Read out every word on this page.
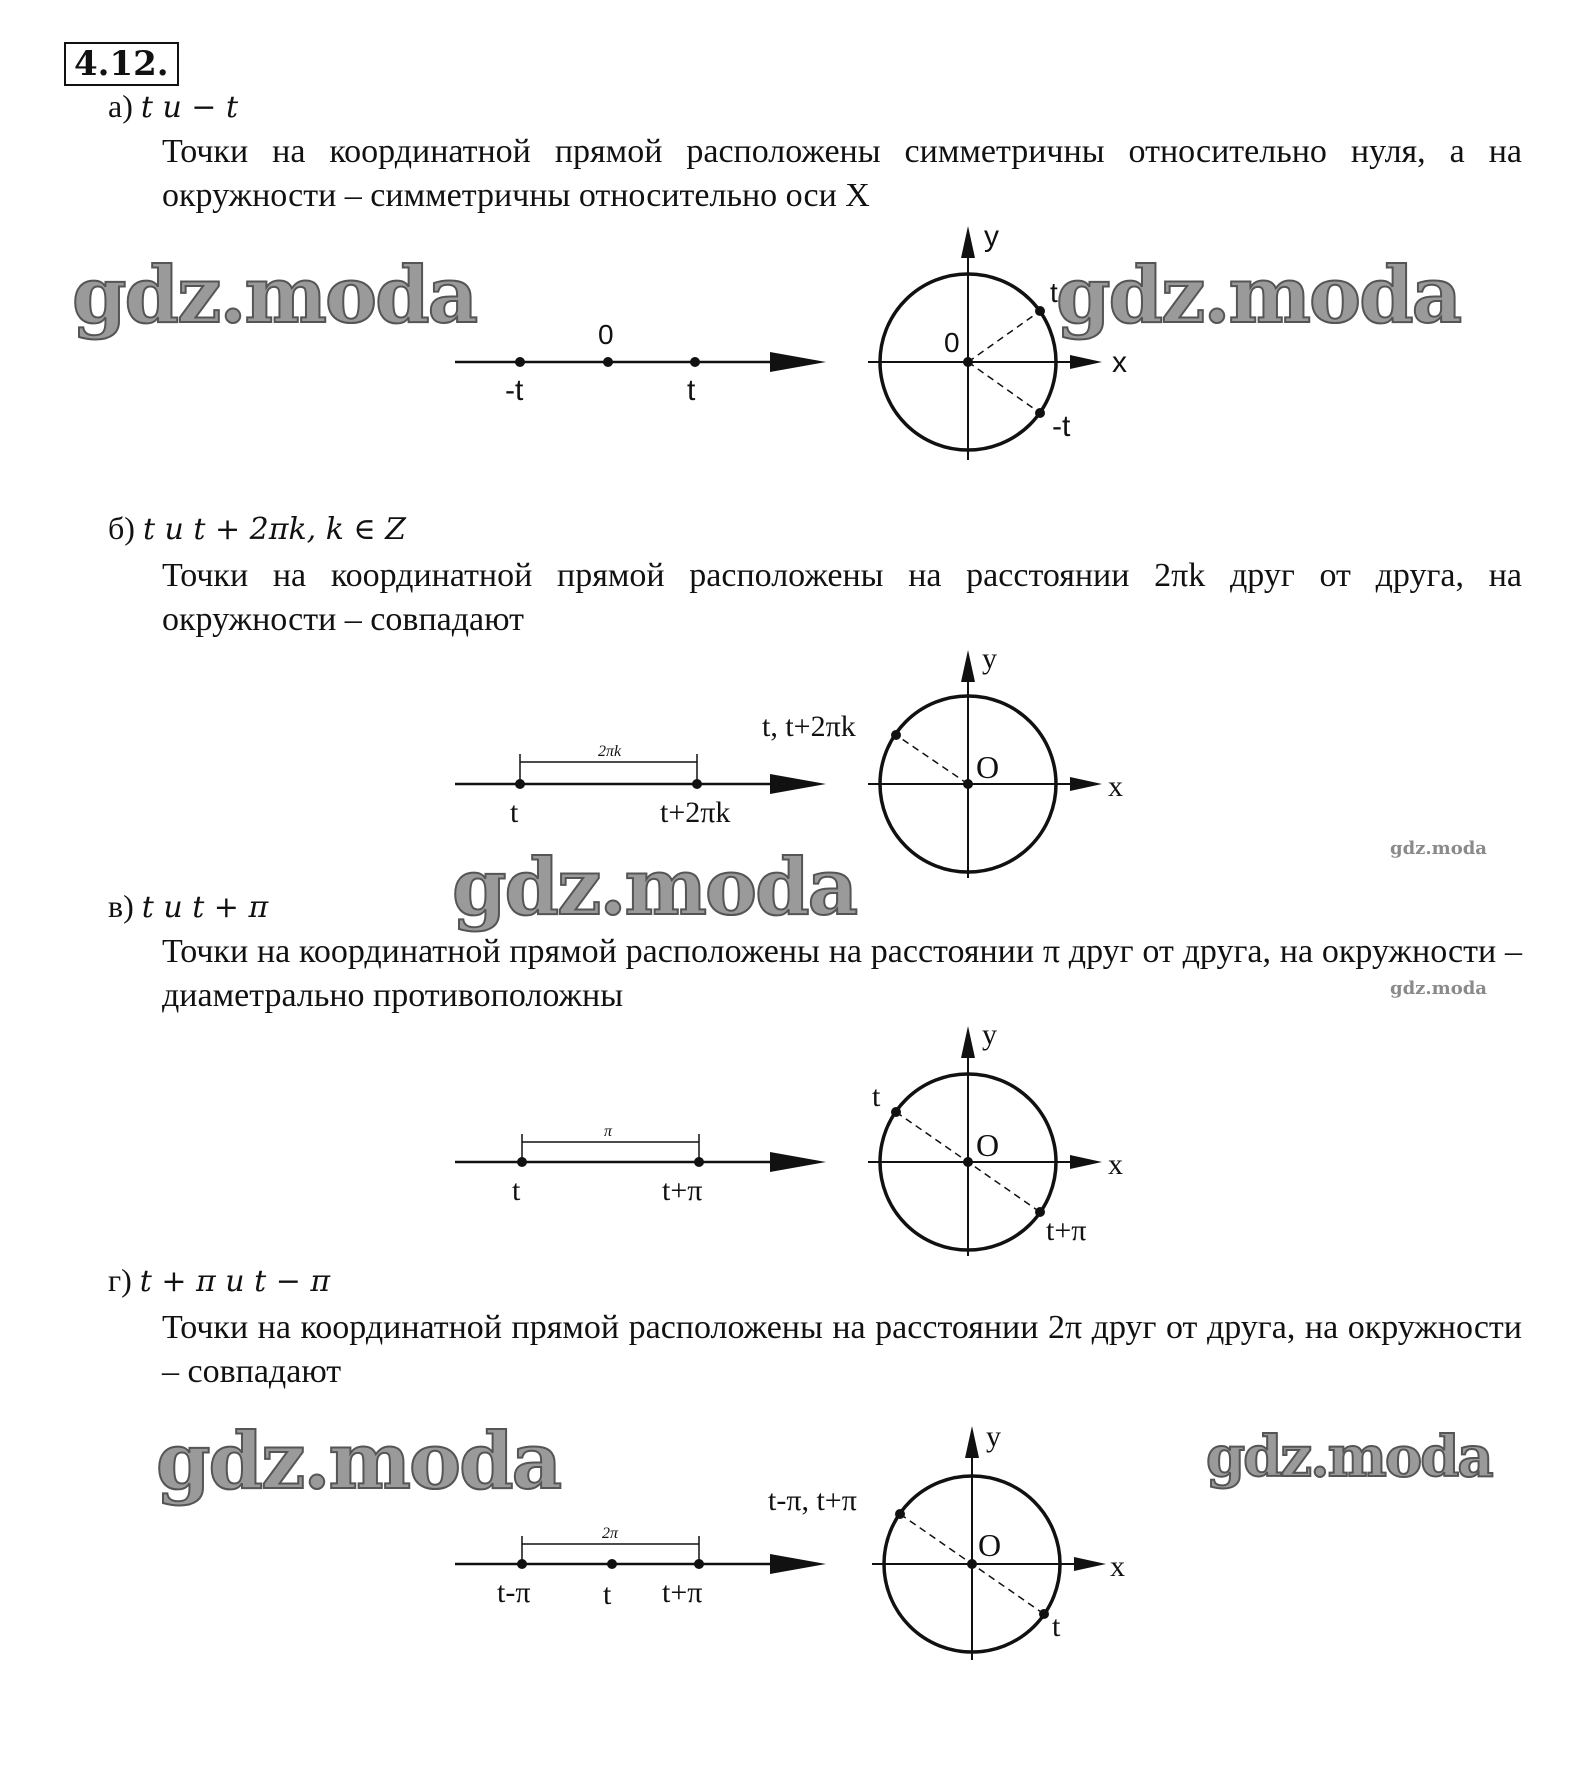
4.12.
а) t и − t
Точки на координатной прямой расположены симметричны относительно нуля, а на окружности – симметричны относительно оси X
-t
0
t
0
x
y
t
-t
б) t и t + 2πk, k ∈ Z
Точки на координатной прямой расположены на расстоянии 2πk друг от друга, на окружности – совпадают
2πk
t	t+2πk
O
x
y
t, t+2πk
в) t и t + π
Точки на координатной прямой расположены на расстоянии π друг от друга, на окружности – диаметрально противоположны
π
t	t+π
O
x
y
t
t+π
г) t + π и t − π
Точки на координатной прямой расположены на расстоянии 2π друг от друга, на окружности – совпадают
2π
t-π t t+π
O
x
y
t-π, t+π
t
gdz.moda	gdz.moda
gdz.moda
gdz.moda	gdz.moda
gdz.moda
gdz.moda
